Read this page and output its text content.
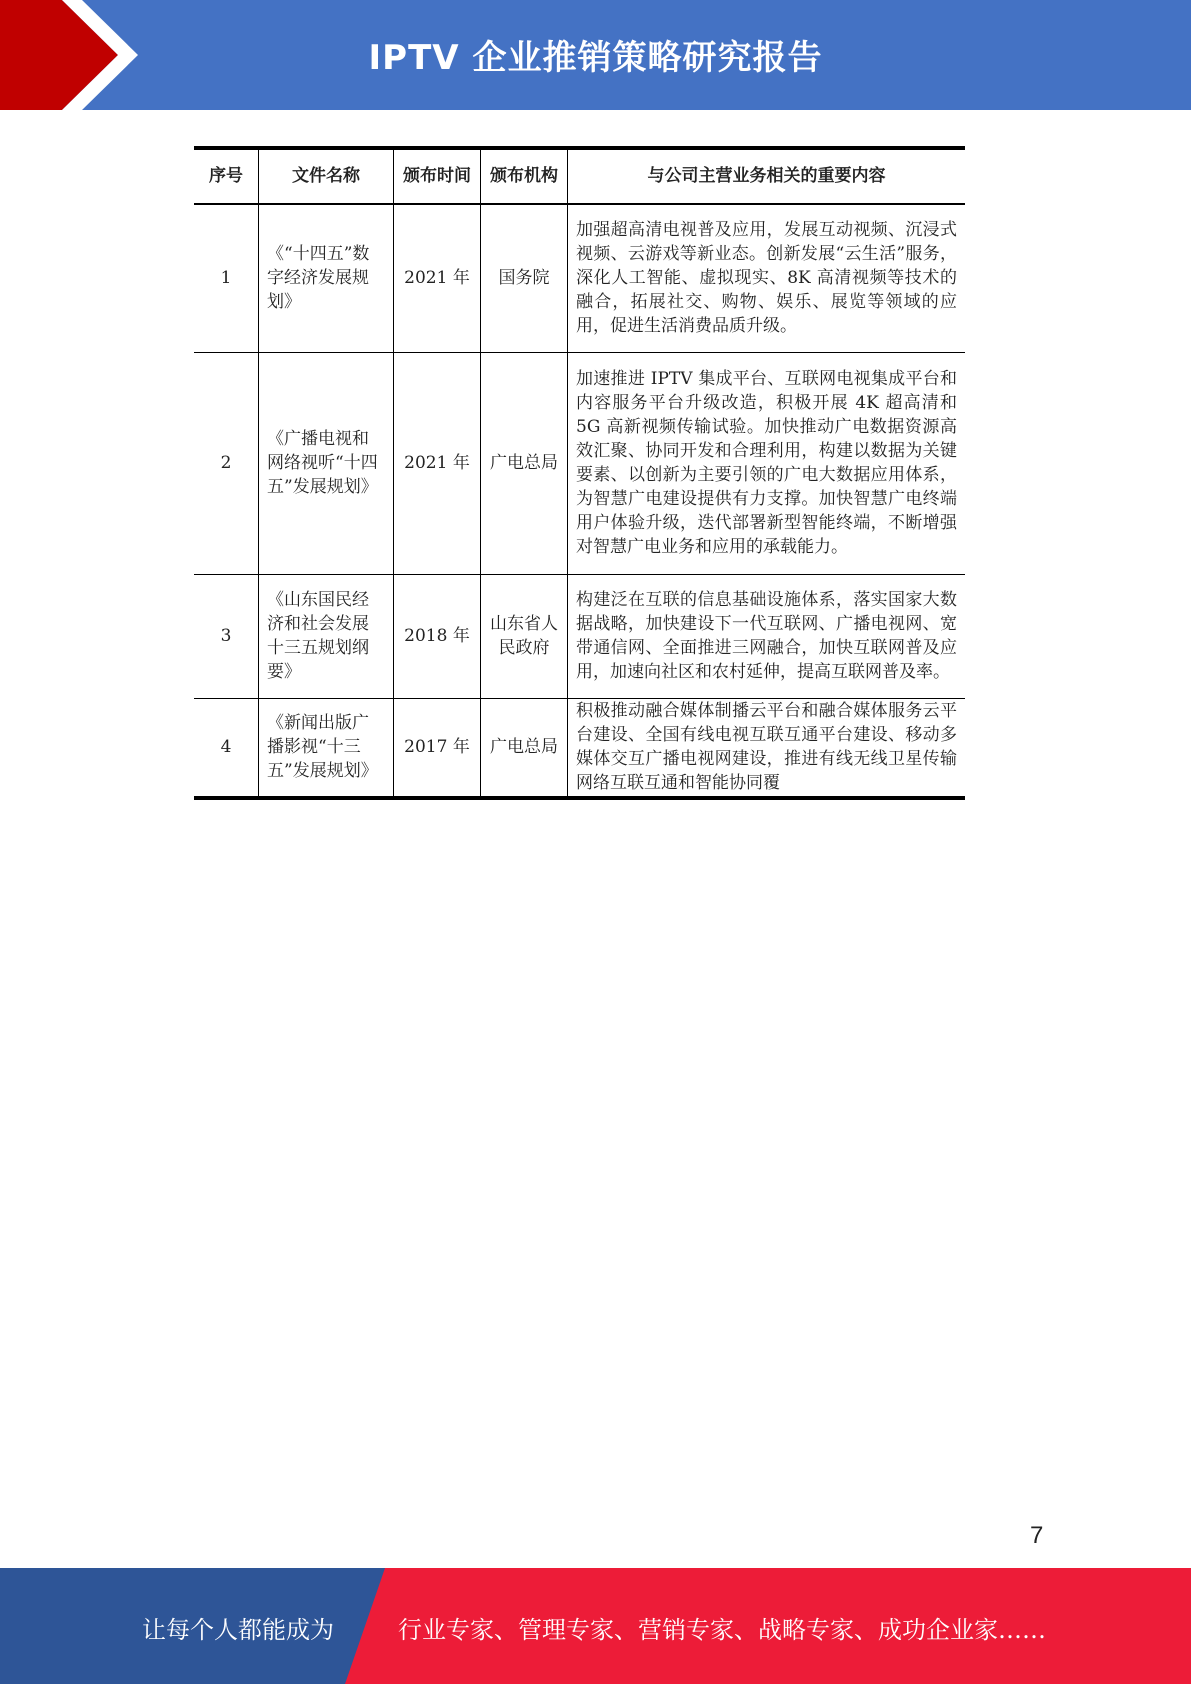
IPTV 企业推销策略研究报告
序号	文件名称	颁布时间	颁布机构	与公司主营业务相关的重要内容
1	《“十四五”数字经济发展规划》	2021 年	国务院	加强超高清电视普及应用，发展互动视频、沉浸式视频、云游戏等新业态。创新发展“云生活”服务，深化人工智能、虚拟现实、8K 高清视频等技术的融合，拓展社交、购物、娱乐、展览等领域的应用，促进生活消费品质升级。
2	《广播电视和网络视听“十四五”发展规划》	2021 年	广电总局	加速推进 IPTV 集成平台、互联网电视集成平台和内容服务平台升级改造，积极开展 4K 超高清和 5G 高新视频传输试验。加快推动广电数据资源高效汇聚、协同开发和合理利用，构建以数据为关键要素、以创新为主要引领的广电大数据应用体系，为智慧广电建设提供有力支撑。加快智慧广电终端用户体验升级，迭代部署新型智能终端，不断增强对智慧广电业务和应用的承载能力。
3	《山东国民经济和社会发展十三五规划纲要》	2018 年	山东省人民政府	构建泛在互联的信息基础设施体系，落实国家大数据战略，加快建设下一代互联网、广播电视网、宽带通信网、全面推进三网融合，加快互联网普及应用，加速向社区和农村延伸，提高互联网普及率。
4	《新闻出版广播影视“十三五”发展规划》	2017 年	广电总局	积极推动融合媒体制播云平台和融合媒体服务云平台建设、全国有线电视互联互通平台建设、移动多媒体交互广播电视网建设，推进有线无线卫星传输网络互联互通和智能协同覆
7
让每个人都能成为	行业专家、管理专家、营销专家、战略专家、成功企业家……
